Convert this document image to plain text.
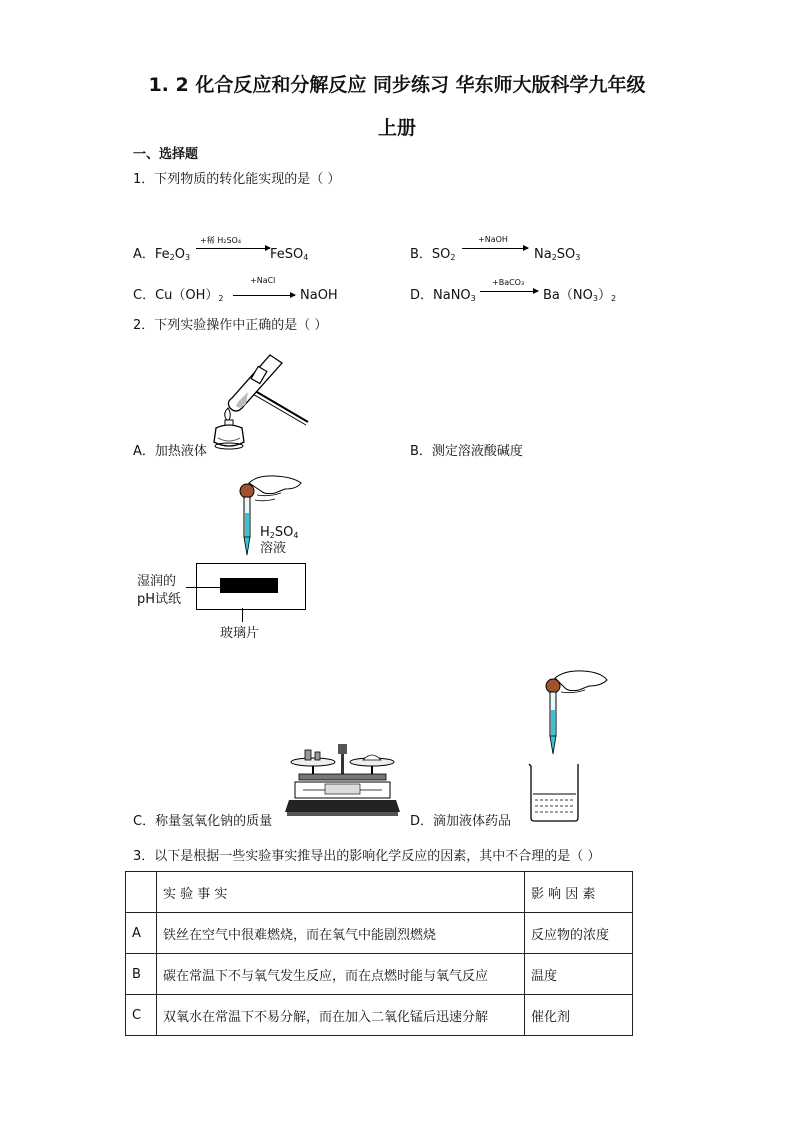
1. 2 化合反应和分解反应 同步练习 华东师大版科学九年级
上册
一、选择题
1．下列物质的转化能实现的是（ ）
A．$Fe_2O_3$
+稀 H₂SO₄
FeSO$_4$	B．$SO_2$
+NaOH
$Na_2SO_3$
C．$Cu(OH)_2$
+NaCl
NaOH	D．NaNO$_3$
+BaCO₃
$Ba(NO_3)_2$
2．下列实验操作中正确的是（ ）
A．加热液体	B．测定溶液酸碱度
$H_2SO_4$
溶液
湿润的
pH试纸
玻璃片
C．称量氢氧化钠的质量	D．滴加液体药品
3．以下是根据一些实验事实推导出的影响化学反应的因素，其中不合理的是（ ）
	实 验 事 实	影 响 因 素
A	铁丝在空气中很难燃烧，而在氧气中能剧烈燃烧	反应物的浓度
B	碳在常温下不与氧气发生反应，而在点燃时能与氧气反应	温度
C	双氧水在常温下不易分解，而在加入二氧化锰后迅速分解	催化剂
